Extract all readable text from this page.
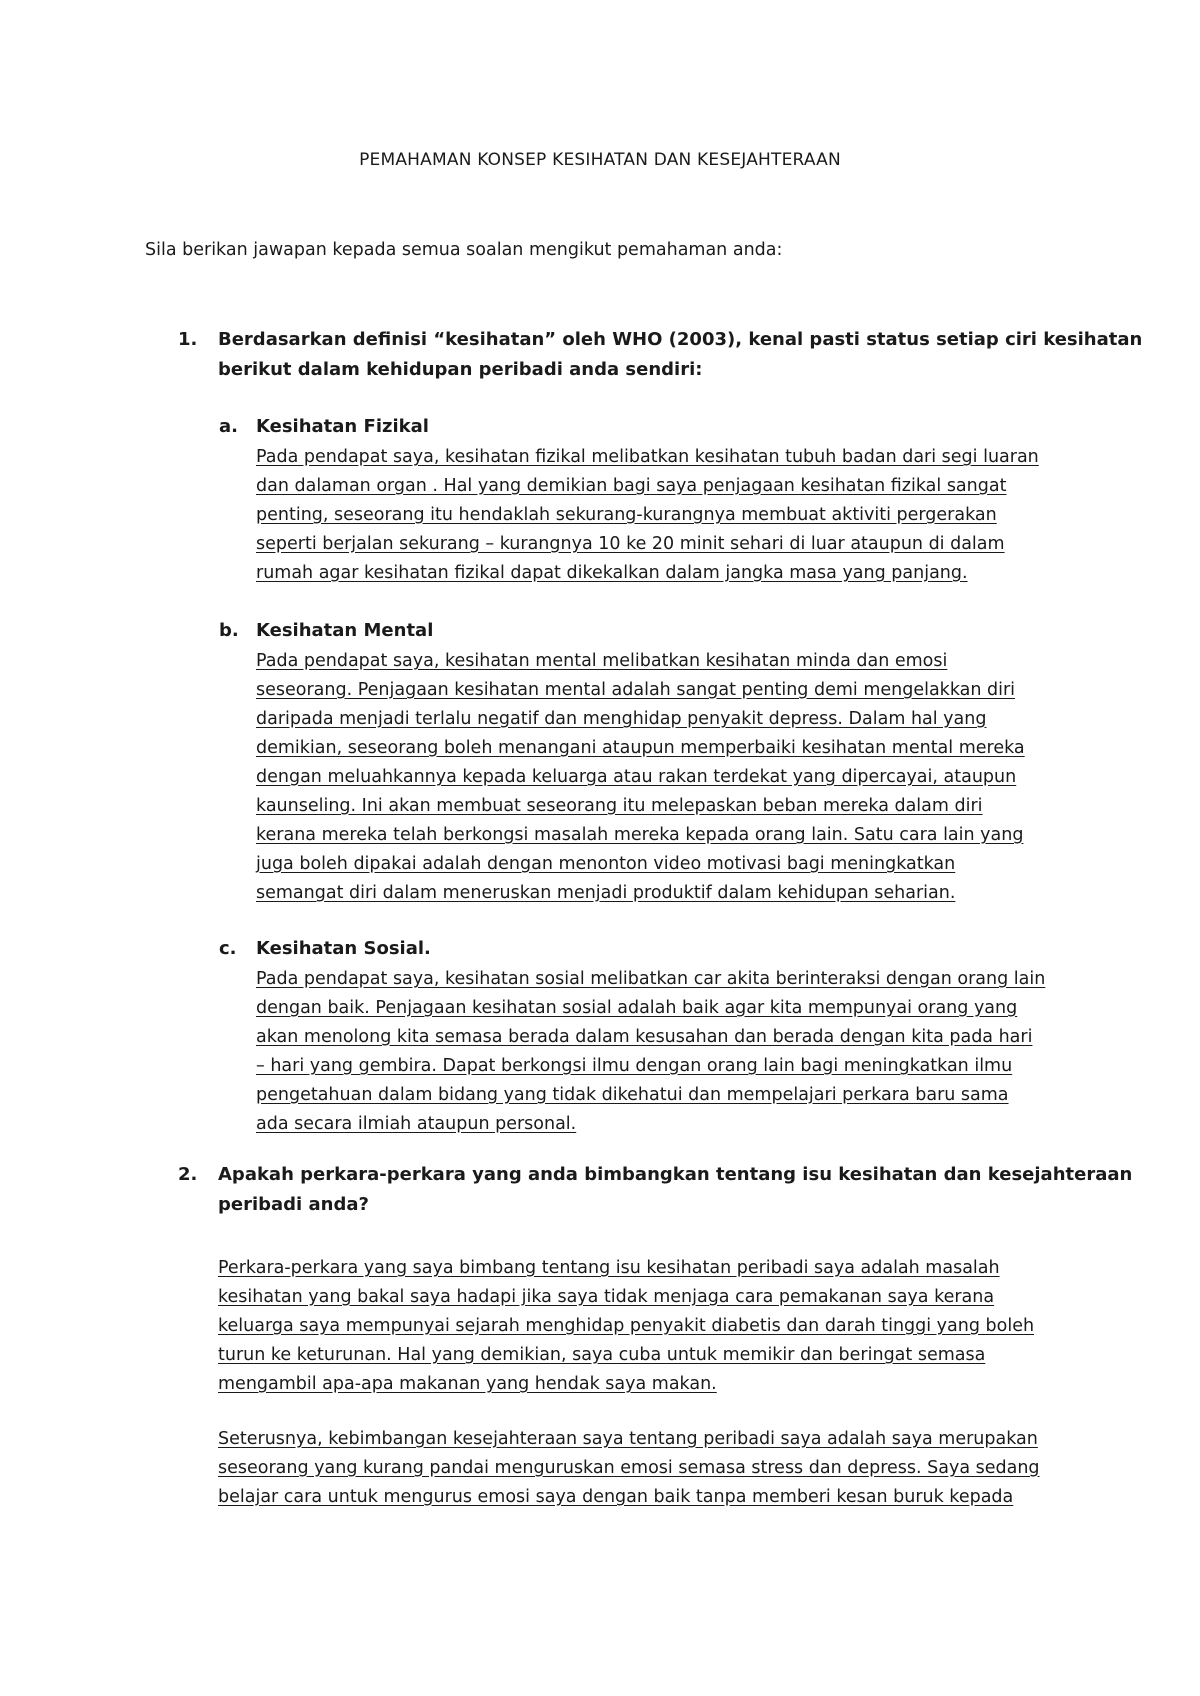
PEMAHAMAN KONSEP KESIHATAN DAN KESEJAHTERAAN
Sila berikan jawapan kepada semua soalan mengikut pemahaman anda:
1. Berdasarkan definisi “kesihatan” oleh WHO (2003), kenal pasti status setiap ciri kesihatan
berikut dalam kehidupan peribadi anda sendiri:
a. Kesihatan Fizikal
Pada pendapat saya, kesihatan fizikal melibatkan kesihatan tubuh badan dari segi luaran
dan dalaman organ . Hal yang demikian bagi saya penjagaan kesihatan fizikal sangat
penting, seseorang itu hendaklah sekurang-kurangnya membuat aktiviti pergerakan
seperti berjalan sekurang – kurangnya 10 ke 20 minit sehari di luar ataupun di dalam
rumah agar kesihatan fizikal dapat dikekalkan dalam jangka masa yang panjang.
b. Kesihatan Mental
Pada pendapat saya, kesihatan mental melibatkan kesihatan minda dan emosi
seseorang. Penjagaan kesihatan mental adalah sangat penting demi mengelakkan diri
daripada menjadi terlalu negatif dan menghidap penyakit depress. Dalam hal yang
demikian, seseorang boleh menangani ataupun memperbaiki kesihatan mental mereka
dengan meluahkannya kepada keluarga atau rakan terdekat yang dipercayai, ataupun
kaunseling. Ini akan membuat seseorang itu melepaskan beban mereka dalam diri
kerana mereka telah berkongsi masalah mereka kepada orang lain. Satu cara lain yang
juga boleh dipakai adalah dengan menonton video motivasi bagi meningkatkan
semangat diri dalam meneruskan menjadi produktif dalam kehidupan seharian.
c. Kesihatan Sosial.
Pada pendapat saya, kesihatan sosial melibatkan car akita berinteraksi dengan orang lain
dengan baik. Penjagaan kesihatan sosial adalah baik agar kita mempunyai orang yang
akan menolong kita semasa berada dalam kesusahan dan berada dengan kita pada hari
– hari yang gembira. Dapat berkongsi ilmu dengan orang lain bagi meningkatkan ilmu
pengetahuan dalam bidang yang tidak dikehatui dan mempelajari perkara baru sama
ada secara ilmiah ataupun personal.
2. Apakah perkara-perkara yang anda bimbangkan tentang isu kesihatan dan kesejahteraan
peribadi anda?
Perkara-perkara yang saya bimbang tentang isu kesihatan peribadi saya adalah masalah
kesihatan yang bakal saya hadapi jika saya tidak menjaga cara pemakanan saya kerana
keluarga saya mempunyai sejarah menghidap penyakit diabetis dan darah tinggi yang boleh
turun ke keturunan. Hal yang demikian, saya cuba untuk memikir dan beringat semasa
mengambil apa-apa makanan yang hendak saya makan.
Seterusnya, kebimbangan kesejahteraan saya tentang peribadi saya adalah saya merupakan
seseorang yang kurang pandai menguruskan emosi semasa stress dan depress. Saya sedang
belajar cara untuk mengurus emosi saya dengan baik tanpa memberi kesan buruk kepada
